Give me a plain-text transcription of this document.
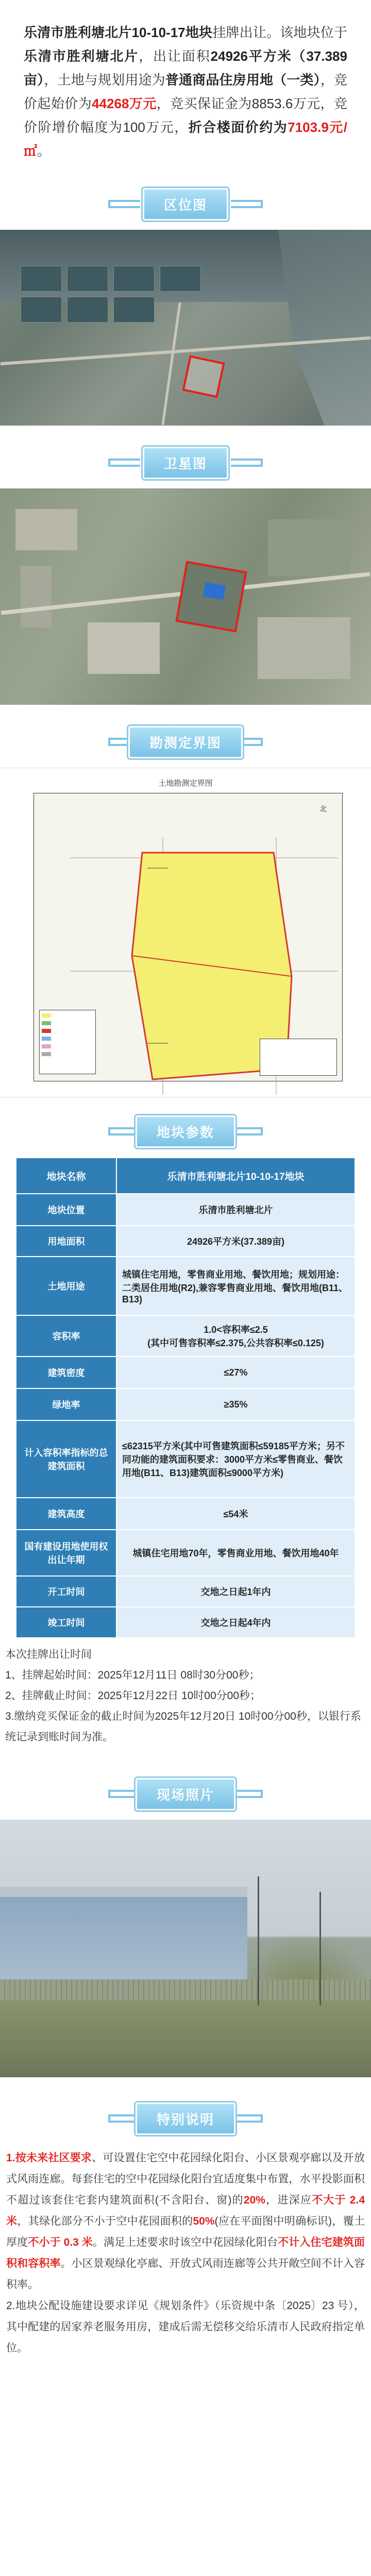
乐清市胜利塘北片10-10-17地块挂牌出让。该地块位于乐清市胜利塘北片，出让面积24926平方米（37.389亩），土地与规划用途为普通商品住房用地（一类），竞价起始价为44268万元，竞买保证金为8853.6万元，竞价阶增价幅度为100万元，折合楼面价约为7103.9元/㎡。
区位图
卫星图
勘测定界图
土地勘测定界图
北
地块参数
地块名称	乐清市胜利塘北片10-10-17地块
地块位置	乐清市胜利塘北片
用地面积	24926平方米(37.389亩)
土地用途	城镇住宅用地，零售商业用地、餐饮用地；规划用途：二类居住用地(R2),兼容零售商业用地、餐饮用地(B11、B13)
容积率	1.0<容积率≤2.5
(其中可售容积率≤2.375,公共容积率≤0.125)
建筑密度	≤27%
绿地率	≥35%
计入容积率指标的总建筑面积	≤62315平方米(其中可售建筑面积≤59185平方米；另不同功能的建筑面积要求：3000平方米≤零售商业、餐饮用地(B11、B13)建筑面积≤9000平方米)
建筑高度	≤54米
国有建设用地使用权出让年期	城镇住宅用地70年，零售商业用地、餐饮用地40年
开工时间	交地之日起1年内
竣工时间	交地之日起4年内
本次挂牌出让时间
1、挂牌起始时间：2025年12月11日 08时30分00秒；
2、挂牌截止时间：2025年12月22日 10时00分00秒；
3.缴纳竞买保证金的截止时间为2025年12月20日 10时00分00秒，以银行系统记录到账时间为准。
现场照片
特别说明

1.按未来社区要求、可设置住宅空中花园绿化阳台、小区景观亭廊以及开放式风雨连廊。每套住宅的空中花园绿化阳台宜适度集中布置，水平投影面积不超过该套住宅套内建筑面积(不含阳台、窗)的20%，进深应不大于 2.4米，其绿化部分不小于空中花园面积的50%(应在平面图中明确标识)，覆土厚度不小于 0.3 米。满足上述要求时该空中花园绿化阳台不计入住宅建筑面积和容积率。小区景观绿化亭廊、开放式风雨连廊等公共开敞空间不计入容积率。

2.地块公配设施建设要求详见《规划条件》（乐资规中条〔2025〕23 号），其中配建的居家养老服务用房，建成后需无偿移交给乐清市人民政府指定单位。
